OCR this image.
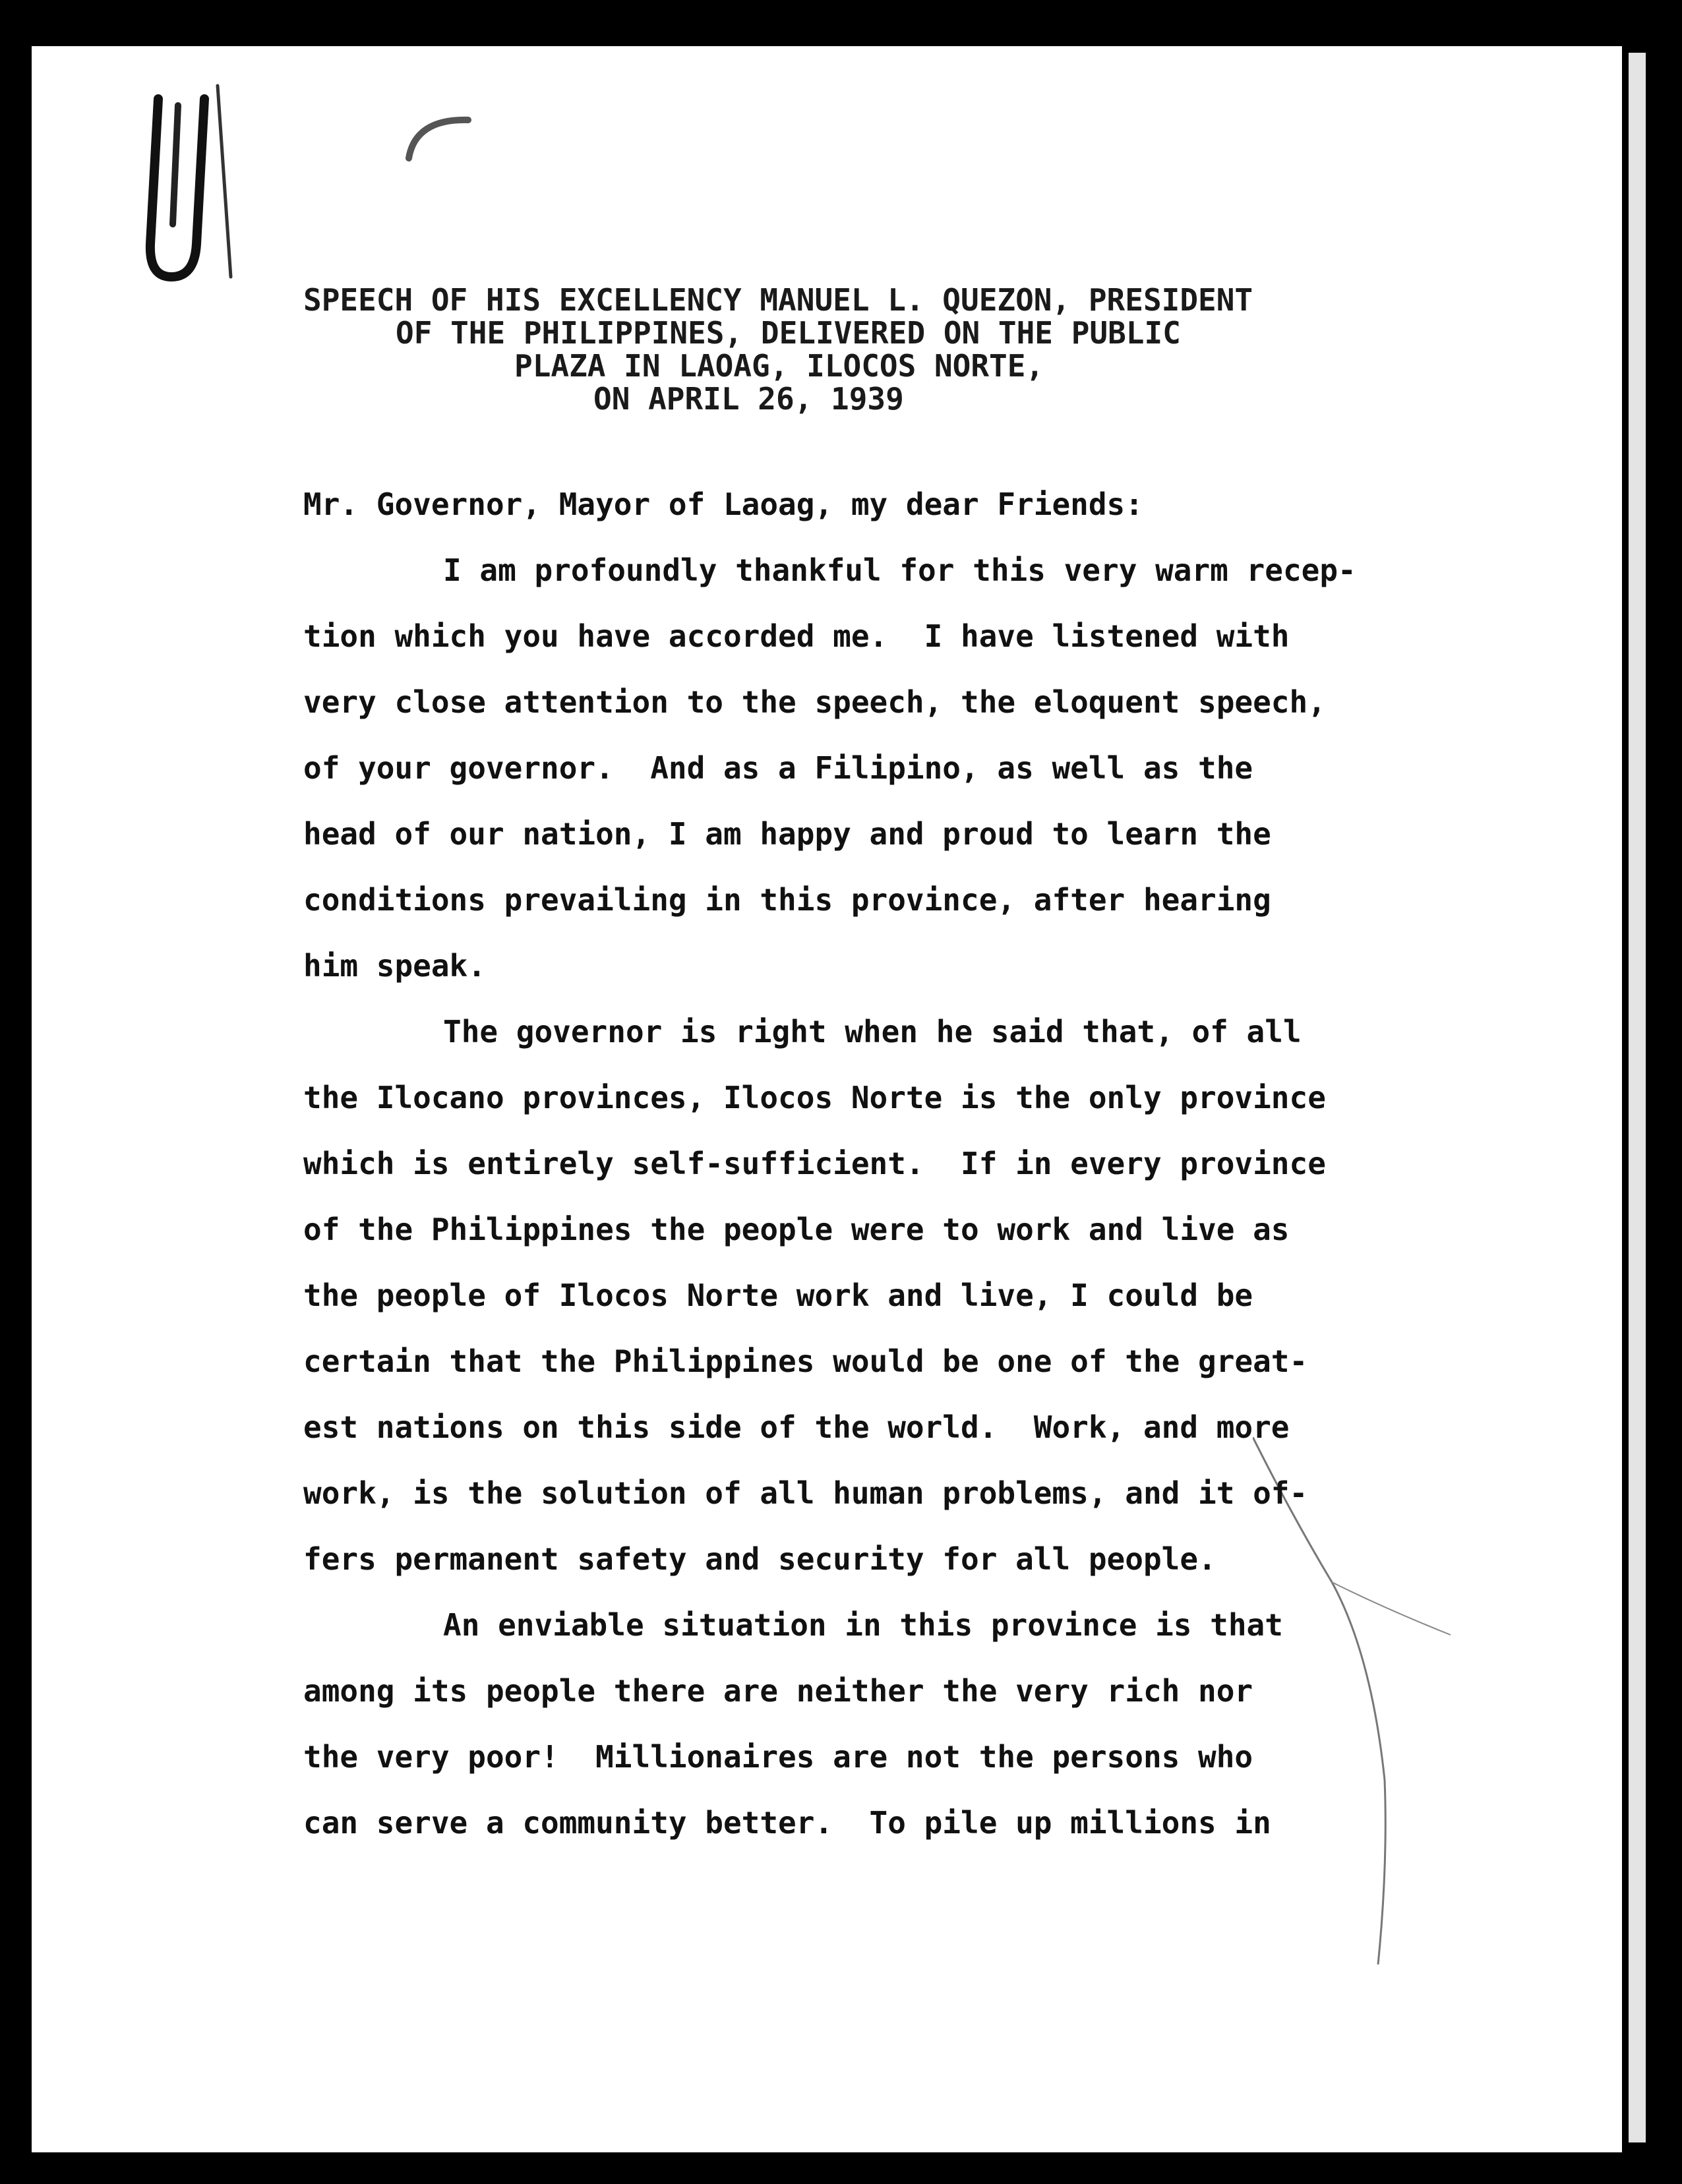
SPEECH OF HIS EXCELLENCY MANUEL L. QUEZON, PRESIDENT
OF THE PHILIPPINES, DELIVERED ON THE PUBLIC
PLAZA IN LAOAG, ILOCOS NORTE,
ON APRIL 26, 1939

Mr. Governor, Mayor of Laoag, my dear Friends:

I am profoundly thankful for this very warm recep-
tion which you have accorded me.  I have listened with
very close attention to the speech, the eloquent speech,
of your governor.  And as a Filipino, as well as the
head of our nation, I am happy and proud to learn the
conditions prevailing in this province, after hearing
him speak.
The governor is right when he said that, of all
the Ilocano provinces, Ilocos Norte is the only province
which is entirely self-sufficient.  If in every province
of the Philippines the people were to work and live as
the people of Ilocos Norte work and live, I could be
certain that the Philippines would be one of the great-
est nations on this side of the world.  Work, and more
work, is the solution of all human problems, and it of-
fers permanent safety and security for all people.
An enviable situation in this province is that
among its people there are neither the very rich nor
the very poor!  Millionaires are not the persons who
can serve a community better.  To pile up millions in
